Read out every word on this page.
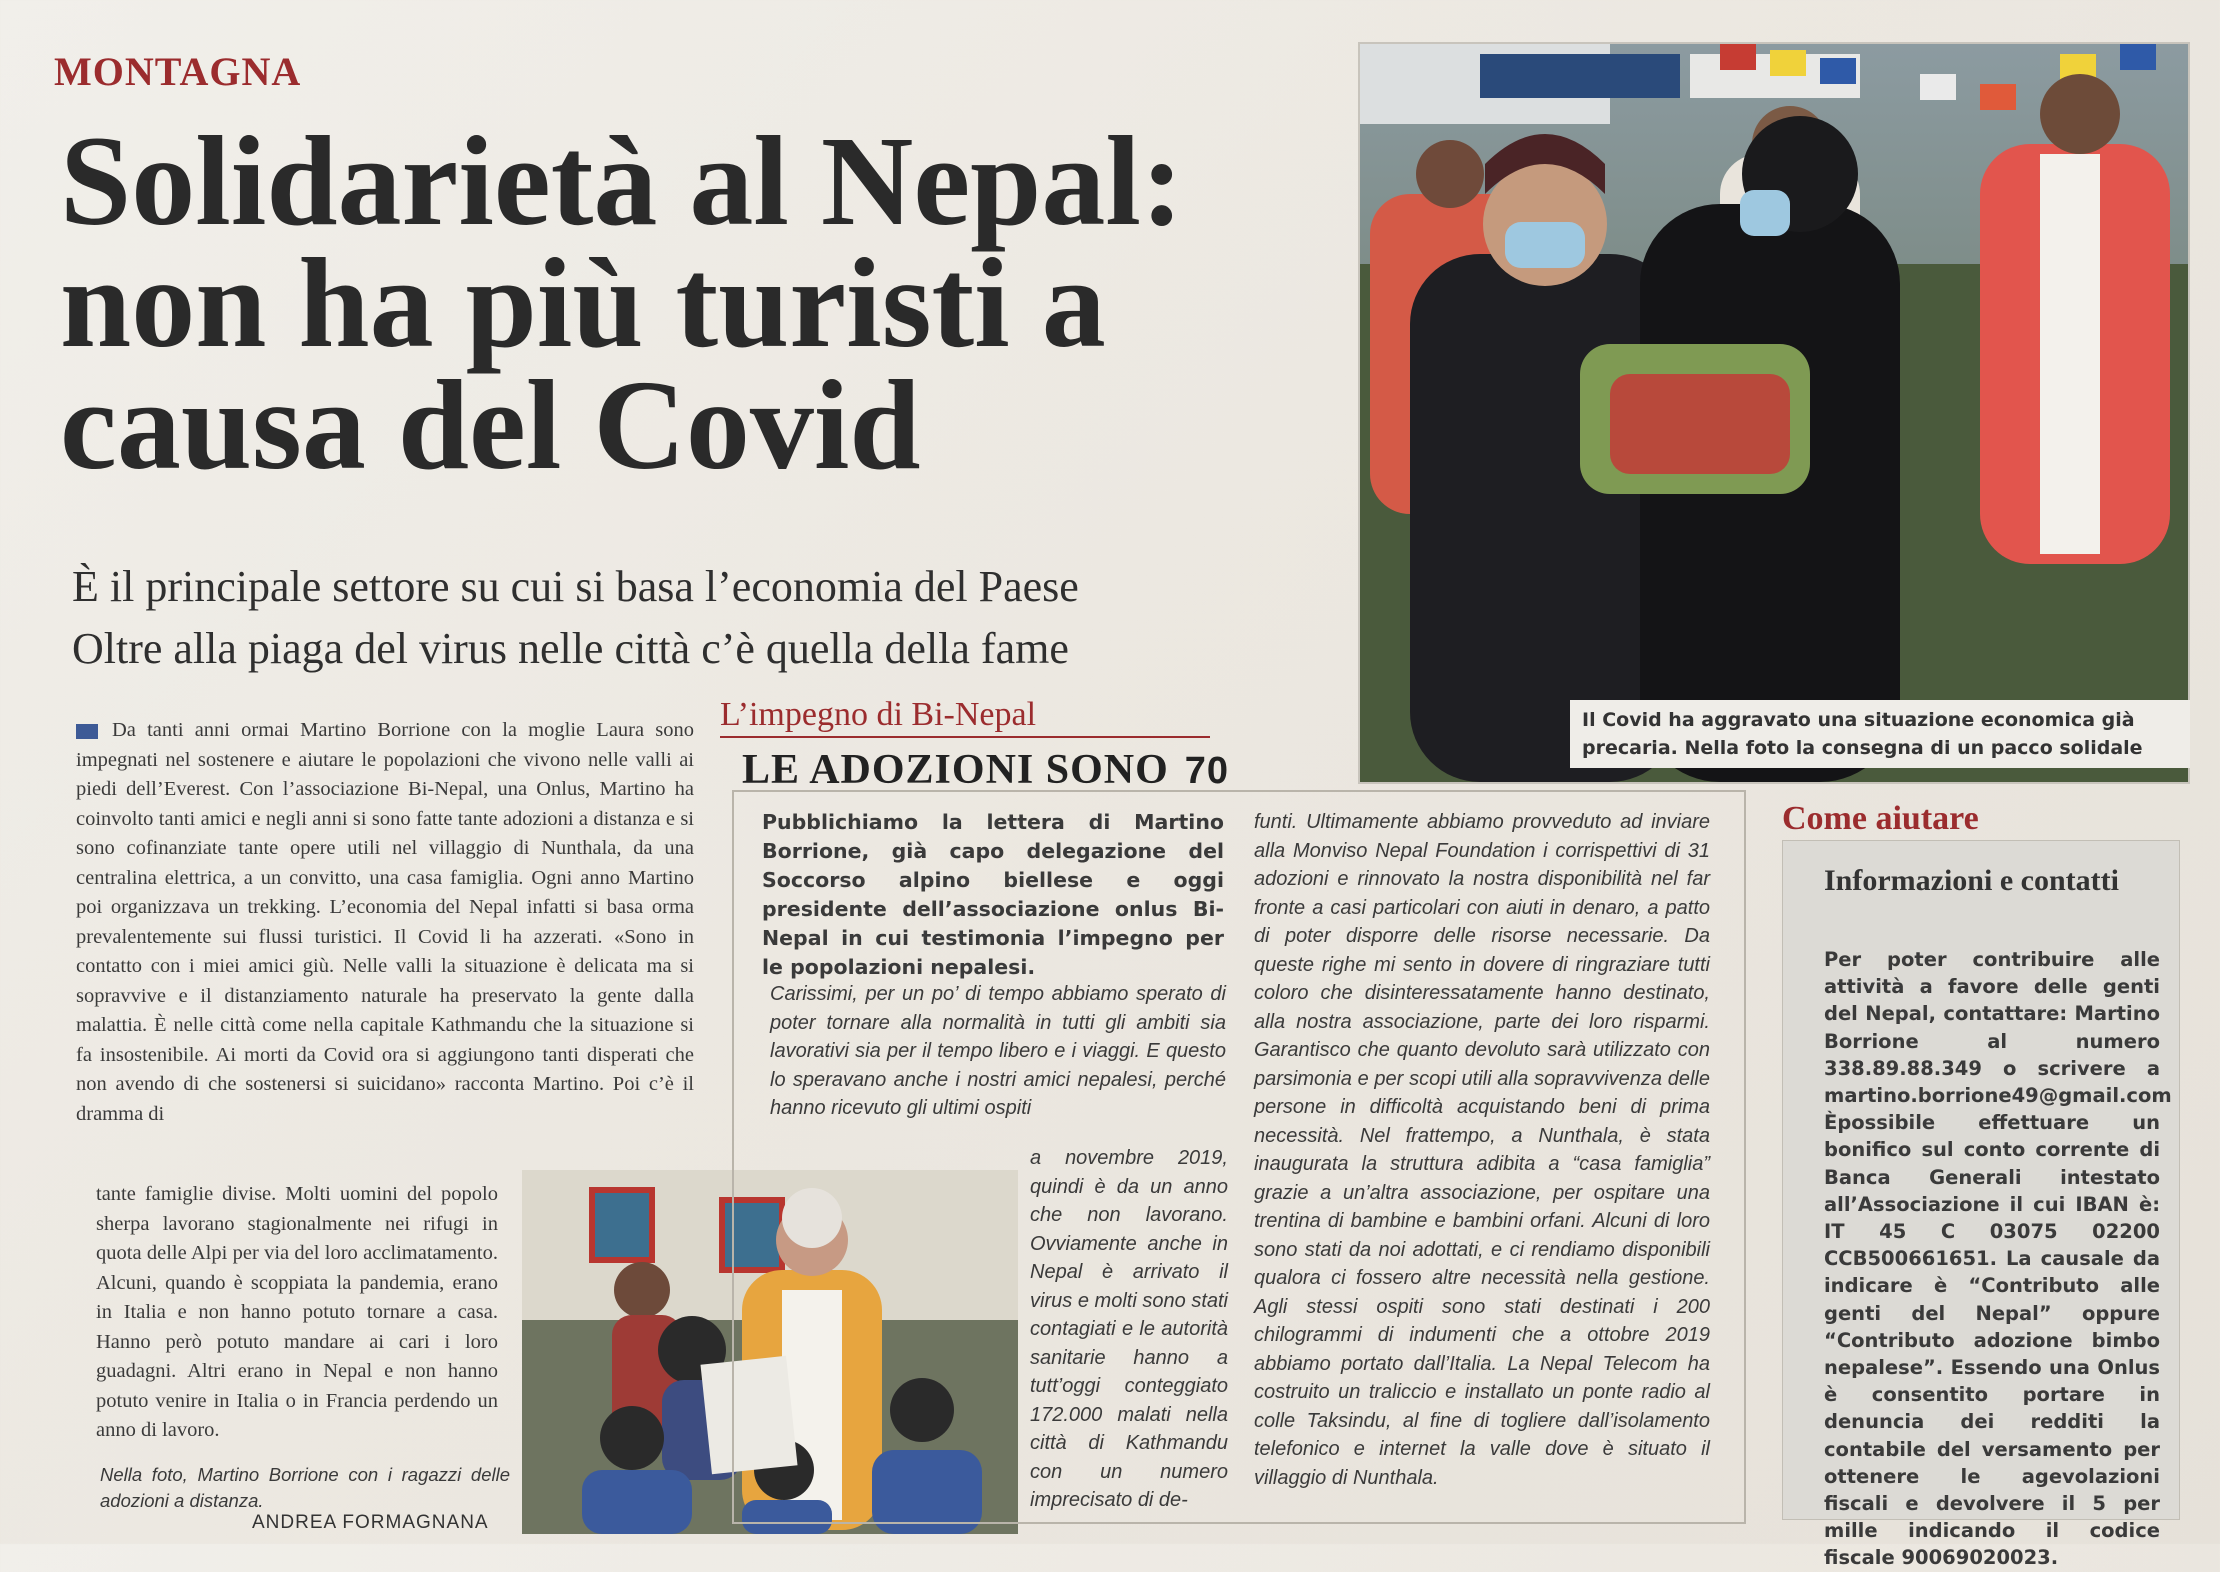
MONTAGNA
Solidarietà al Nepal: non ha più turisti a causa del Covid
È il principale settore su cui si basa l’economia del Paese
Oltre alla piaga del virus nelle città c’è quella della fame
Il Covid ha aggravato una situazione economica già precaria. Nella foto la consegna di un pacco solidale
Da tanti anni ormai Martino Borrione con la moglie Laura sono impegnati nel sostenere e aiutare le popolazioni che vivono nelle valli ai piedi dell’Everest. Con l’associazione Bi-Nepal, una Onlus, Martino ha coinvolto tanti amici e negli anni si sono fatte tante adozioni a distanza e si sono cofinanziate tante opere utili nel villaggio di Nunthala, da una centralina elettrica, a un convitto, una casa famiglia. Ogni anno Martino poi organizzava un trekking. L’economia del Nepal infatti si basa orma prevalentemente sui flussi turistici. Il Covid li ha azzerati. «Sono in contatto con i miei amici giù. Nelle valli la situazione è delicata ma si sopravvive e il distanziamento naturale ha preservato la gente dalla malattia. È nelle città come nella capitale Kathmandu che la situazione si fa insostenibile. Ai morti da Covid ora si aggiungono tanti disperati che non avendo di che sostenersi si suicidano» racconta Martino. Poi c’è il dramma di
tante famiglie divise. Molti uomini del popolo sherpa lavorano stagionalmente nei rifugi in quota delle Alpi per via del loro acclimatamento. Alcuni, quando è scoppiata la pandemia, erano in Italia e non hanno potuto tornare a casa. Hanno però potuto mandare ai cari i loro guadagni. Altri erano in Nepal e non hanno potuto venire in Italia o in Francia perdendo un anno di lavoro.
Nella foto, Martino Borrione con i ragazzi delle adozioni a distanza.
ANDREA FORMAGNANA
L’impegno di Bi-Nepal
LE ADOZIONI SONO 70
Pubblichiamo la lettera di Martino Borrione, già capo delegazione del Soccorso alpino biellese e oggi presidente dell’associazione onlus Bi-Nepal in cui testimonia l’impegno per le popolazioni nepalesi.
Carissimi, per un po’ di tempo abbiamo sperato di poter tornare alla normalità in tutti gli ambiti sia lavorativi sia per il tempo libero e i viaggi. E questo lo speravano anche i nostri amici nepalesi, perché hanno ricevuto gli ultimi ospiti
a novembre 2019, quindi è da un anno che non lavorano. Ovviamente anche in Nepal è arrivato il virus e molti sono stati contagiati e le autorità sanitarie hanno a tutt’oggi conteggiato 172.000 malati nella città di Kathmandu con un numero imprecisato di de-
funti. Ultimamente abbiamo provveduto ad inviare alla Monviso Nepal Foundation i corrispettivi di 31 adozioni e rinnovato la nostra disponibilità nel far fronte a casi particolari con aiuti in denaro, a patto di poter disporre delle risorse necessarie. Da queste righe mi sento in dovere di ringraziare tutti coloro che disinteressatamente hanno destinato, alla nostra associazione, parte dei loro risparmi. Garantisco che quanto devoluto sarà utilizzato con parsimonia e per scopi utili alla sopravvivenza delle persone in difficoltà acquistando beni di prima necessità. Nel frattempo, a Nunthala, è stata inaugurata la struttura adibita a “casa famiglia” grazie a un’altra associazione, per ospitare una trentina di bambine e bambini orfani. Alcuni di loro sono stati da noi adottati, e ci rendiamo disponibili qualora ci fossero altre necessità nella gestione. Agli stessi ospiti sono stati destinati i 200 chilogrammi di indumenti che a ottobre 2019 abbiamo portato dall’Italia. La Nepal Telecom ha costruito un traliccio e installato un ponte radio al colle Taksindu, al fine di togliere dall’isolamento telefonico e internet la valle dove è situato il villaggio di Nunthala.
Come aiutare
Informazioni e contatti
Per poter contribuire alle attività a favore delle genti del Nepal, contattare: Martino Borrione al numero 338.89.88.349 o scrivere a martino.borrione49@gmail.com Èpossibile effettuare un bonifico sul conto corrente di Banca Generali intestato all’Associazione il cui IBAN è: IT 45 C 03075 02200 CCB500661651. La causale da indicare è “Contributo alle genti del Nepal” oppure “Contributo adozione bimbo nepalese”. Essendo una Onlus è consentito portare in denuncia dei redditi la contabile del versamento per ottenere le agevolazioni fiscali e devolvere il 5 per mille indicando il codice fiscale 90069020023.
